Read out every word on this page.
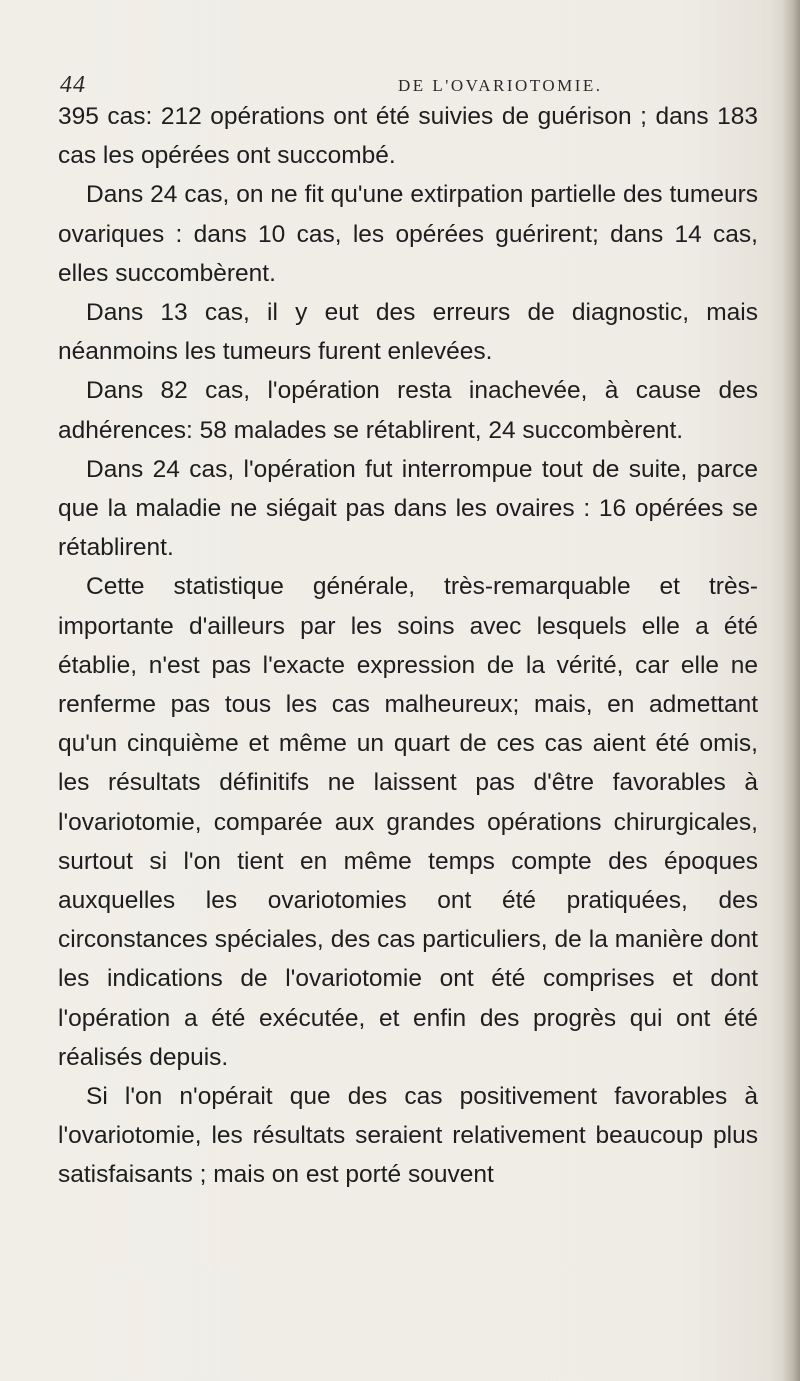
44	DE L'OVARIOTOMIE.

395 cas: 212 opérations ont été suivies de guérison ; dans 183 cas les opérées ont succombé.

Dans 24 cas, on ne fit qu'une extirpation partielle des tumeurs ovariques : dans 10 cas, les opérées guérirent; dans 14 cas, elles succombèrent.

Dans 13 cas, il y eut des erreurs de diagnostic, mais néanmoins les tumeurs furent enlevées.

Dans 82 cas, l'opération resta inachevée, à cause des adhérences: 58 malades se rétablirent, 24 succombèrent.

Dans 24 cas, l'opération fut interrompue tout de suite, parce que la maladie ne siégait pas dans les ovaires : 16 opérées se rétablirent.

Cette statistique générale, très-remarquable et très-importante d'ailleurs par les soins avec lesquels elle a été établie, n'est pas l'exacte expression de la vérité, car elle ne renferme pas tous les cas malheureux; mais, en admettant qu'un cinquième et même un quart de ces cas aient été omis, les résultats définitifs ne laissent pas d'être favorables à l'ovariotomie, comparée aux grandes opérations chirurgicales, surtout si l'on tient en même temps compte des époques auxquelles les ovariotomies ont été pratiquées, des circonstances spéciales, des cas particuliers, de la manière dont les indications de l'ovariotomie ont été comprises et dont l'opération a été exécutée, et enfin des progrès qui ont été réalisés depuis.

Si l'on n'opérait que des cas positivement favorables à l'ovariotomie, les résultats seraient relativement beaucoup plus satisfaisants ; mais on est porté souvent
